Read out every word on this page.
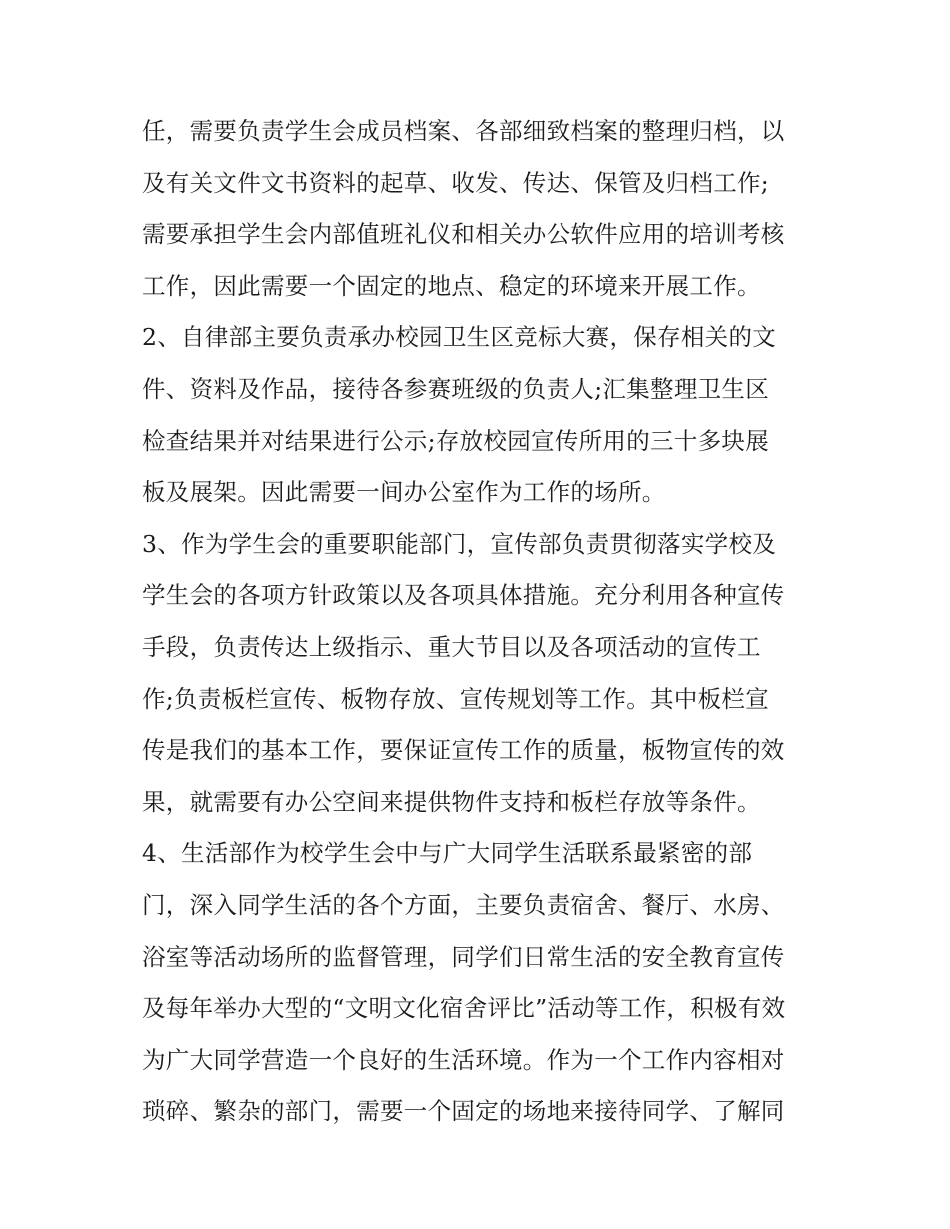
任，需要负责学生会成员档案、各部细致档案的整理归档，以
及有关文件文书资料的起草、收发、传达、保管及归档工作;
需要承担学生会内部值班礼仪和相关办公软件应用的培训考核
工作，因此需要一个固定的地点、稳定的环境来开展工作。
2、自律部主要负责承办校园卫生区竞标大赛，保存相关的文
件、资料及作品，接待各参赛班级的负责人;汇集整理卫生区
检查结果并对结果进行公示;存放校园宣传所用的三十多块展
板及展架。因此需要一间办公室作为工作的场所。
3、作为学生会的重要职能部门，宣传部负责贯彻落实学校及
学生会的各项方针政策以及各项具体措施。充分利用各种宣传
手段，负责传达上级指示、重大节目以及各项活动的宣传工
作;负责板栏宣传、板物存放、宣传规划等工作。其中板栏宣
传是我们的基本工作，要保证宣传工作的质量，板物宣传的效
果，就需要有办公空间来提供物件支持和板栏存放等条件。
4、生活部作为校学生会中与广大同学生活联系最紧密的部
门，深入同学生活的各个方面，主要负责宿舍、餐厅、水房、
浴室等活动场所的监督管理，同学们日常生活的安全教育宣传
及每年举办大型的“文明文化宿舍评比”活动等工作，积极有效
为广大同学营造一个良好的生活环境。作为一个工作内容相对
琐碎、繁杂的部门，需要一个固定的场地来接待同学、了解同
